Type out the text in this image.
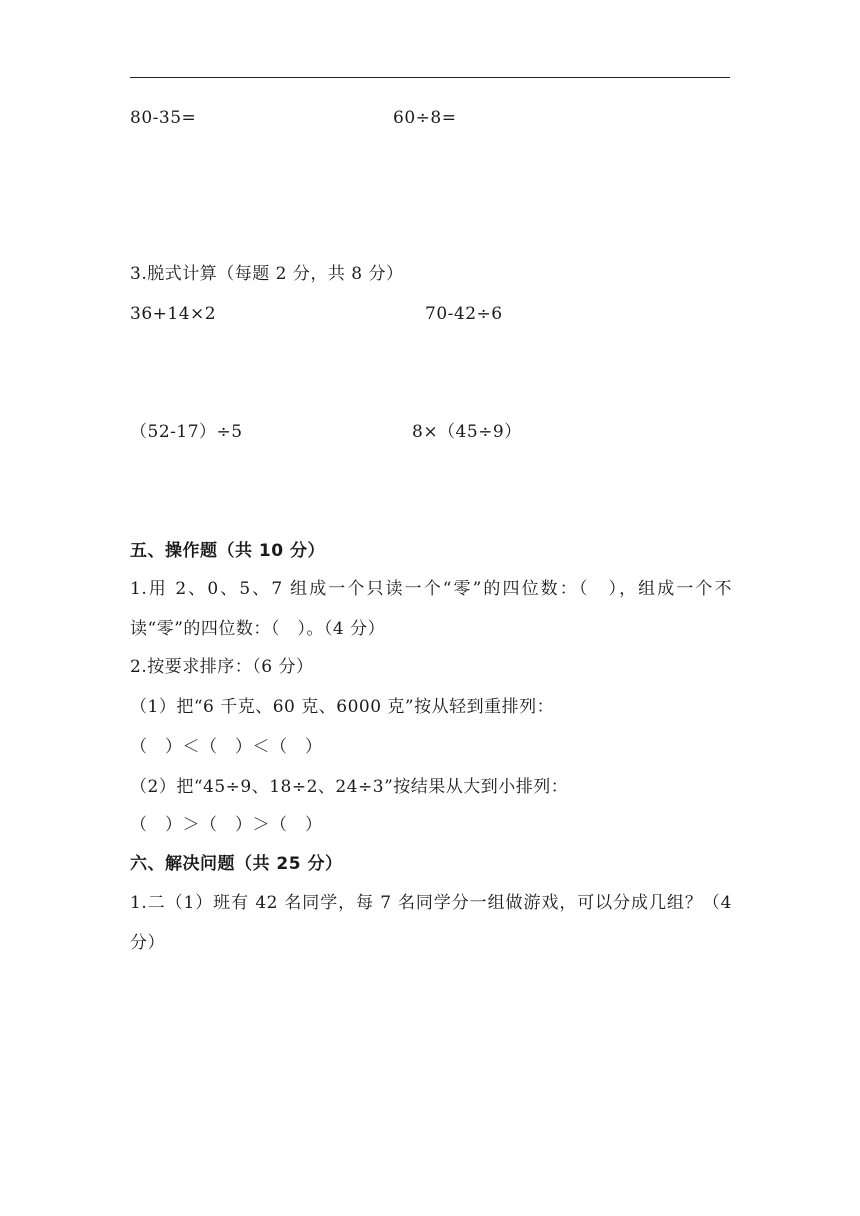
80-35=	60÷8=
3.脱式计算（每题 2 分，共 8 分）
36+14×2	70-42÷6
（52-17）÷5	8×（45÷9）
五、操作题（共 10 分）
1.用 2、0、5、7 组成一个只读一个“零”的四位数：（　），组成一个不读“零”的四位数：（　）。（4 分）
2.按要求排序：（6 分）
（1）把“6 千克、60 克、6000 克”按从轻到重排列：
（　）＜（　）＜（　）
（2）把“45÷9、18÷2、24÷3”按结果从大到小排列：
（　）＞（　）＞（　）
六、解决问题（共 25 分）
1.二（1）班有 42 名同学，每 7 名同学分一组做游戏，可以分成几组？（4 分）
